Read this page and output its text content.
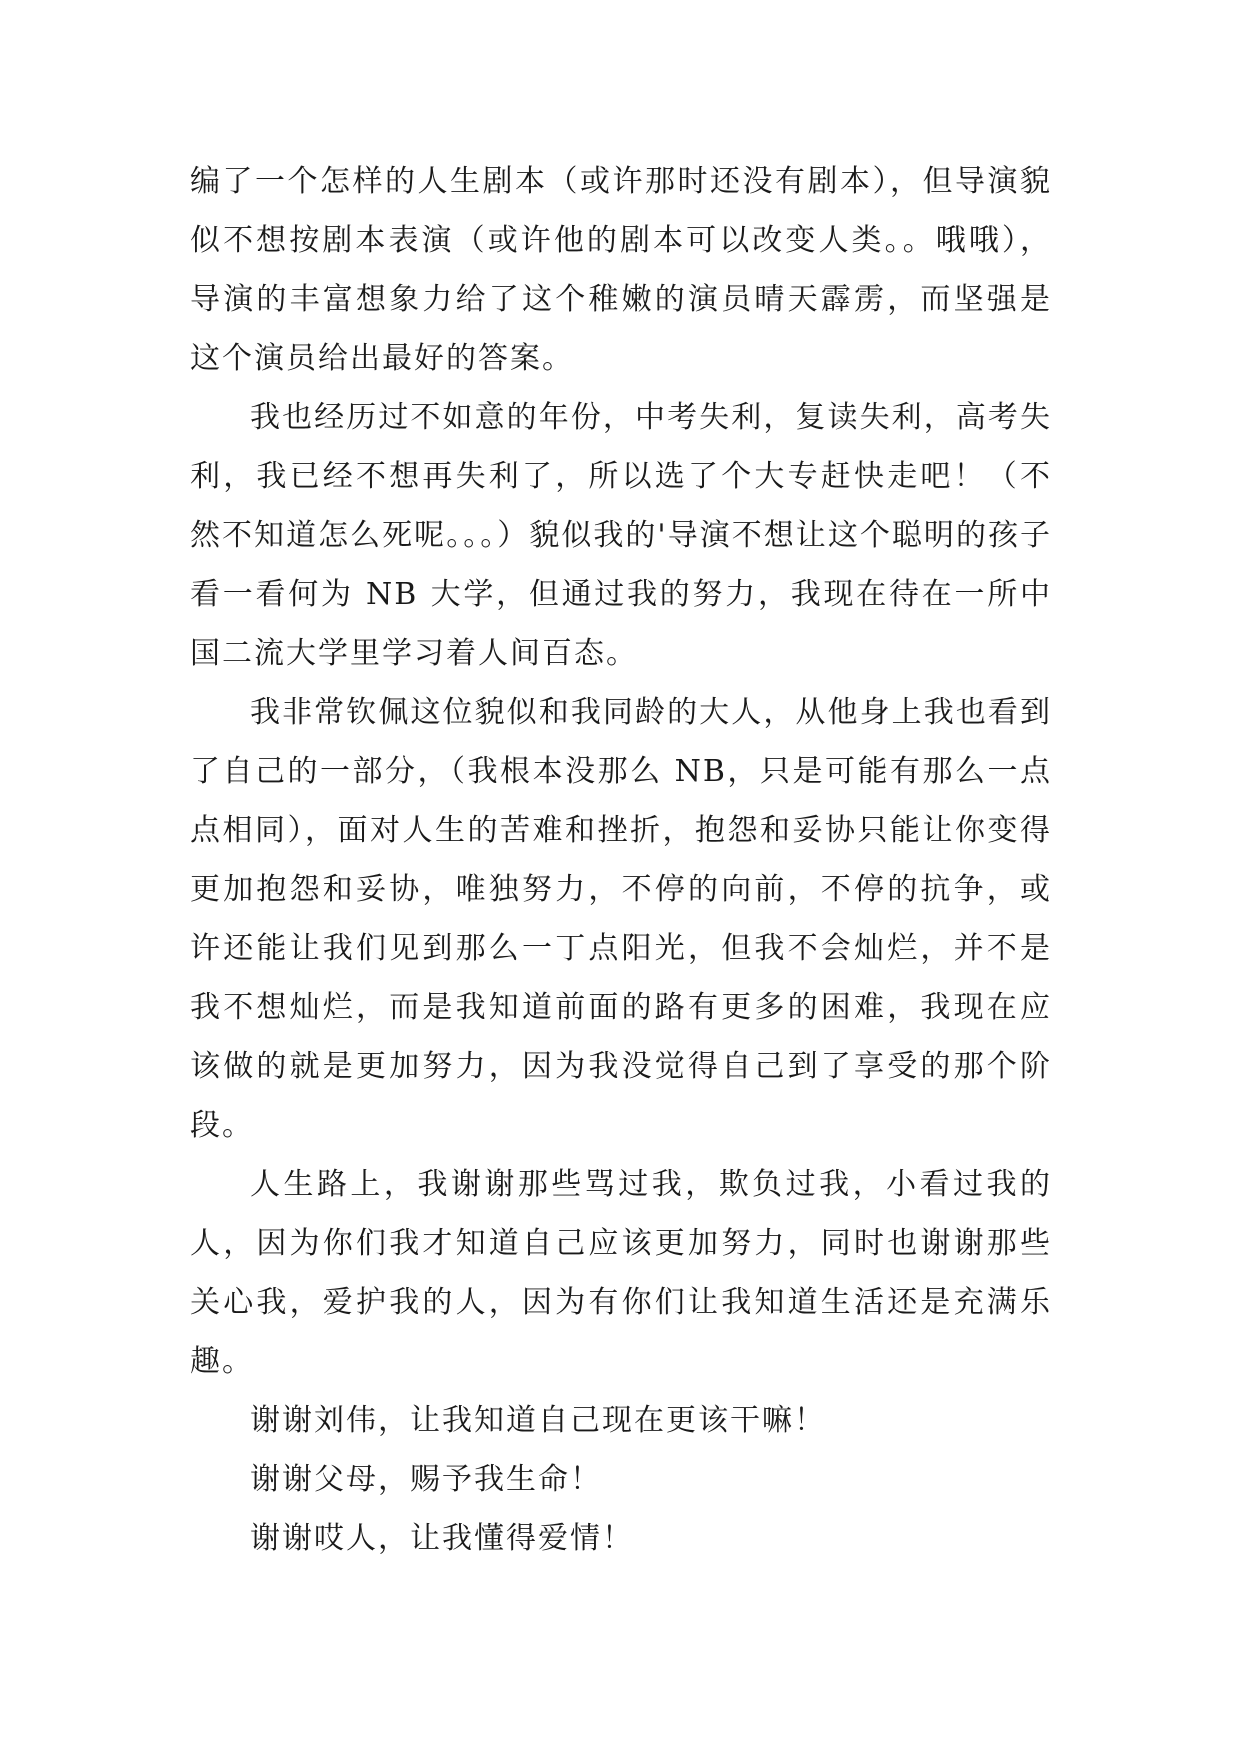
编了一个怎样的人生剧本（或许那时还没有剧本），但导演貌似不想按剧本表演（或许他的剧本可以改变人类。。哦哦），导演的丰富想象力给了这个稚嫩的演员晴天霹雳，而坚强是这个演员给出最好的答案。

我也经历过不如意的年份，中考失利，复读失利，高考失利，我已经不想再失利了，所以选了个大专赶快走吧！（不然不知道怎么死呢。。。）貌似我的'导演不想让这个聪明的孩子看一看何为 NB 大学，但通过我的努力，我现在待在一所中国二流大学里学习着人间百态。

我非常钦佩这位貌似和我同龄的大人，从他身上我也看到了自己的一部分，（我根本没那么 NB，只是可能有那么一点点相同），面对人生的苦难和挫折，抱怨和妥协只能让你变得更加抱怨和妥协，唯独努力，不停的向前，不停的抗争，或许还能让我们见到那么一丁点阳光，但我不会灿烂，并不是我不想灿烂，而是我知道前面的路有更多的困难，我现在应该做的就是更加努力，因为我没觉得自己到了享受的那个阶段。

人生路上，我谢谢那些骂过我，欺负过我，小看过我的人，因为你们我才知道自己应该更加努力，同时也谢谢那些关心我，爱护我的人，因为有你们让我知道生活还是充满乐趣。

谢谢刘伟，让我知道自己现在更该干嘛！

谢谢父母，赐予我生命！

谢谢哎人，让我懂得爱情！
